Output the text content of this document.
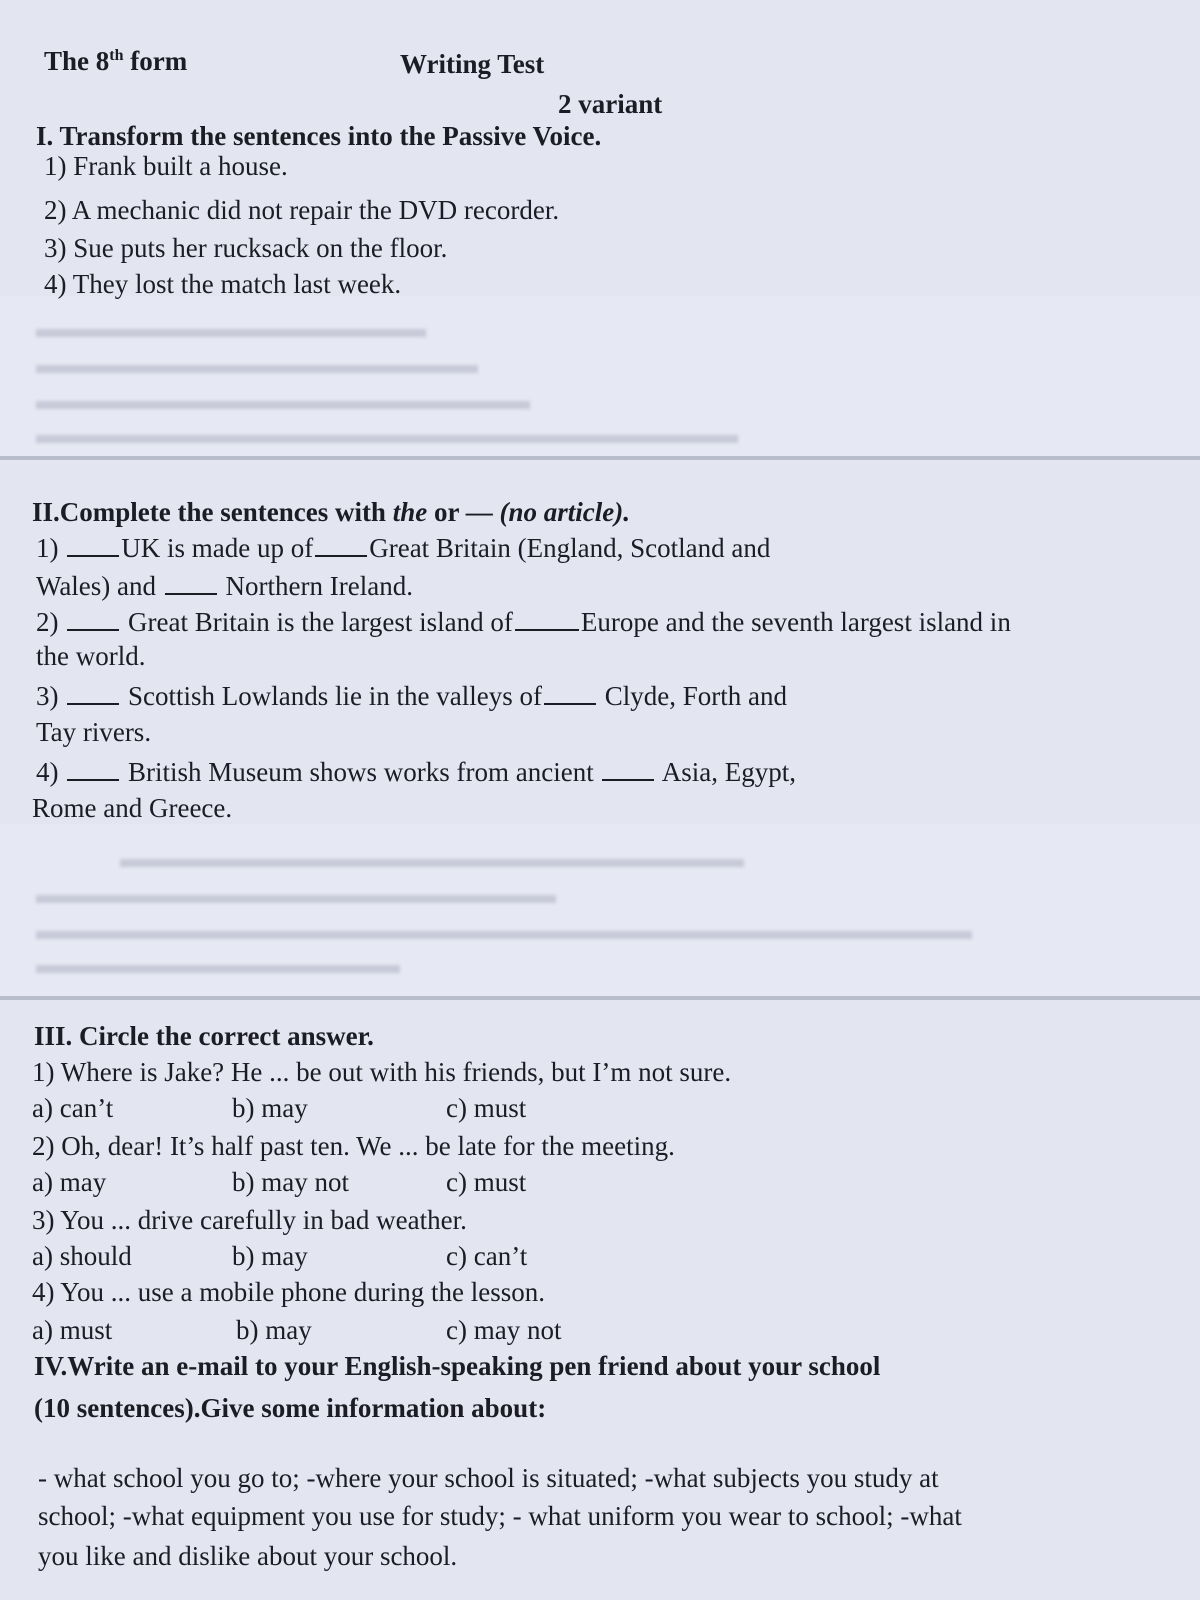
▬▬▬▬▬▬▬▬▬▬▬▬▬▬▬
▬▬▬▬▬▬▬▬▬▬▬▬▬▬▬▬▬
▬▬▬▬▬▬▬▬▬▬▬▬▬▬▬▬▬▬▬
▬▬▬▬▬▬▬▬▬▬▬▬▬▬▬▬▬▬▬▬▬▬▬▬▬▬▬
▬▬▬▬▬▬▬▬▬▬▬▬▬▬▬▬▬▬▬▬▬▬▬▬
▬▬▬▬▬▬▬▬▬▬▬▬▬▬▬▬▬▬▬▬
▬▬▬▬▬▬▬▬▬▬▬▬▬▬▬▬▬▬▬▬▬▬▬▬▬▬▬▬▬▬▬▬▬▬▬▬
▬▬▬▬▬▬▬▬▬▬▬▬▬▬
The 8th form	Writing Test
2 variant
I. Transform the sentences into the Passive Voice.
1) Frank built a house.
2) A mechanic did not repair the DVD recorder.
3) Sue puts her rucksack on the floor.
4) They lost the match last week.
II.Complete the sentences with the or — (no article).
1) UK is made up of Great Britain (England, Scotland and
Wales) and	Northern Ireland.
2)  Great Britain is the largest island of	Europe and the seventh largest island in
the world.
3)  Scottish Lowlands lie in the valleys of Clyde, Forth and
Tay rivers.
4)  British Museum shows works from ancient	Asia, Egypt,
Rome and Greece.
III. Circle the correct answer.
1) Where is Jake? He ... be out with his friends, but I’m not sure.
a) can’t	b) may	c) must
2) Oh, dear! It’s half past ten. We ... be late for the meeting.
a) may	b) may not	c) must
3) You ... drive carefully in bad weather.
a) should	b) may	c) can’t
4) You ... use a mobile phone during the lesson.
a) must	b) may	c) may not
IV.Write an e-mail to your English-speaking pen friend about your school
(10 sentences).Give some information about:
- what school you go to; -where your school is situated; -what subjects you study at
school; -what equipment you use for study; - what uniform you wear to school; -what
you like and dislike about your school.
